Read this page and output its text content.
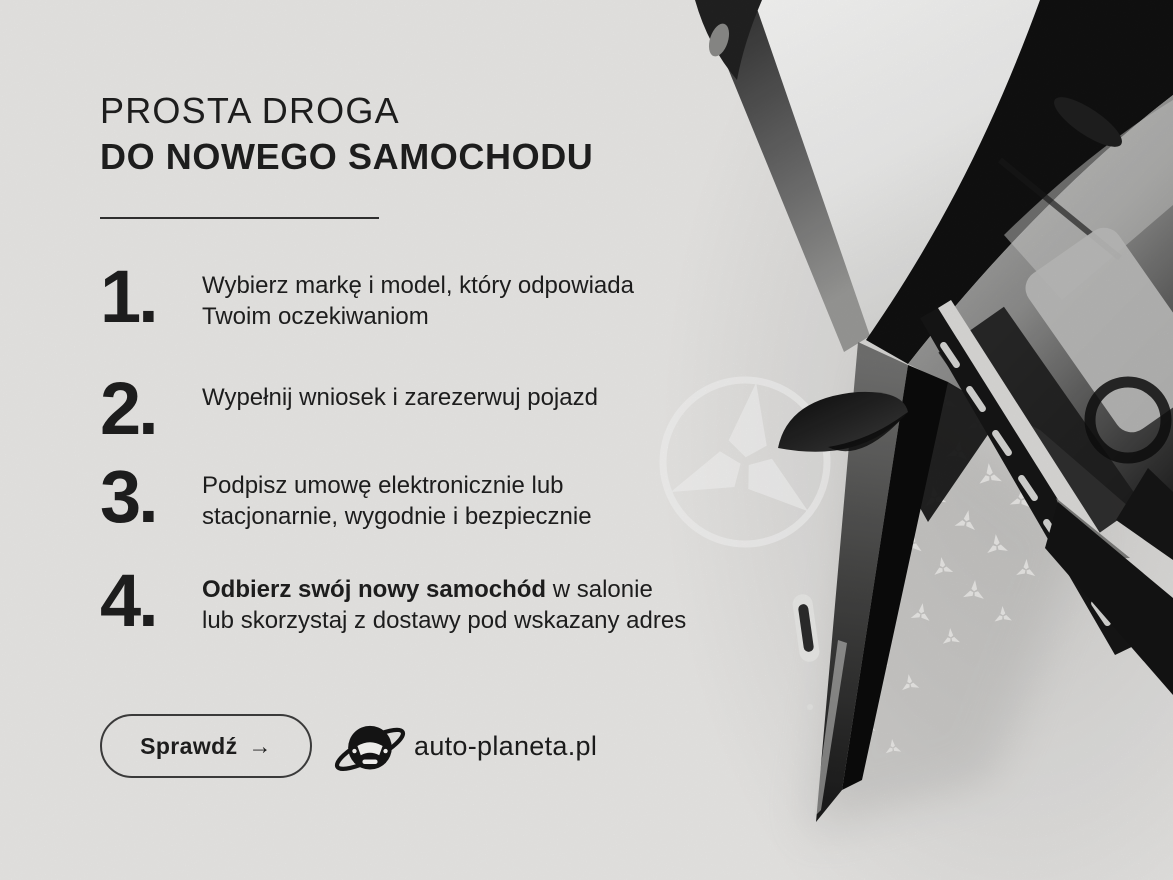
PROSTA DROGA
DO NOWEGO SAMOCHODU
1.	Wybierz markę i model, który odpowiada
Twoim oczekiwaniom
2.	Wypełnij wniosek i zarezerwuj pojazd
3.	Podpisz umowę elektronicznie lub
stacjonarnie, wygodnie i bezpiecznie
4.	Odbierz swój nowy samochód w salonie
lub skorzystaj z dostawy pod wskazany adres
Sprawdź →	auto-planeta.pl
